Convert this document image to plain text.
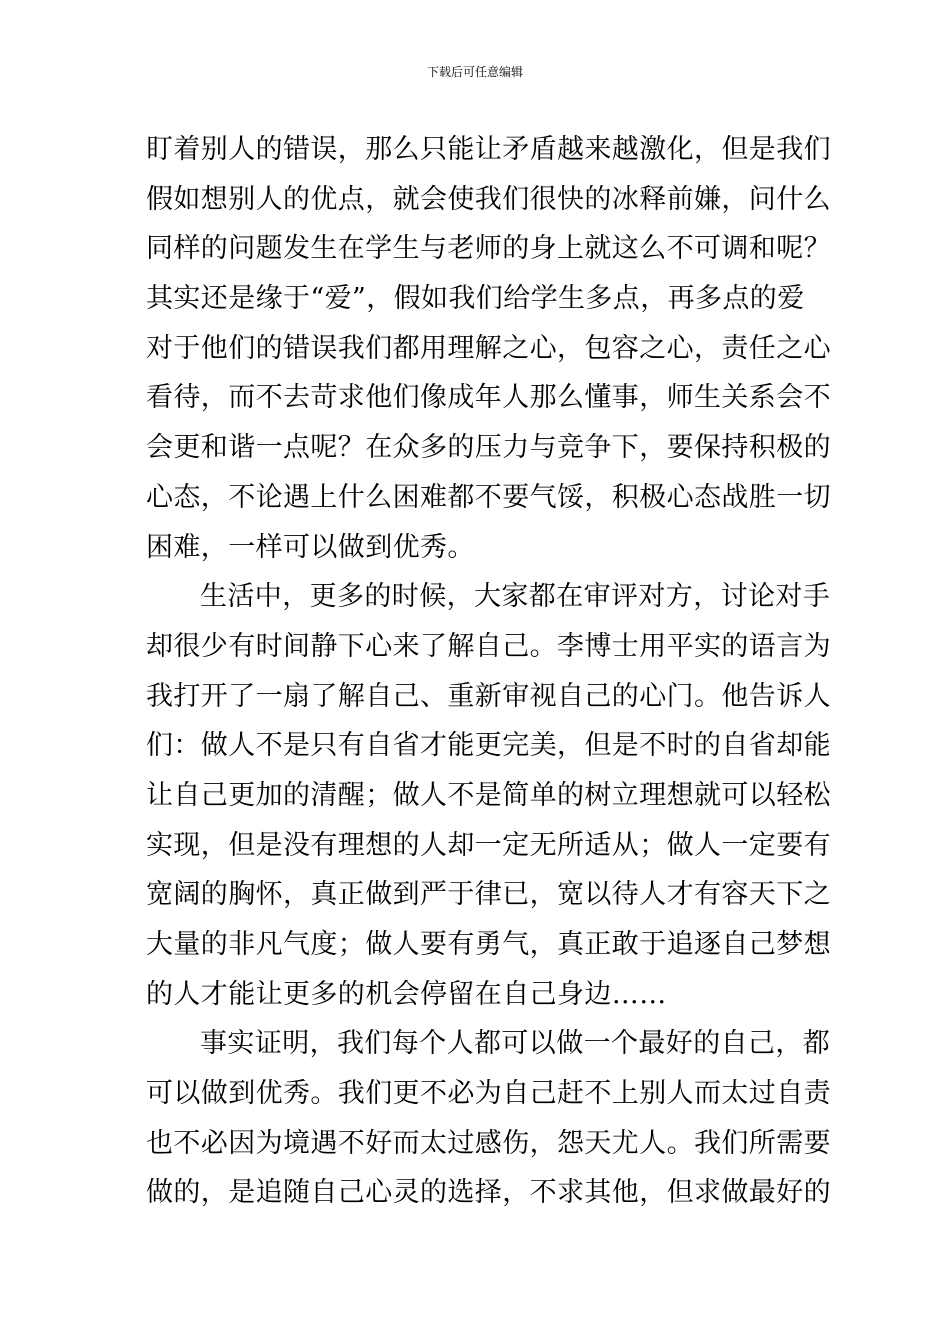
下载后可任意编辑
盯着别人的错误，那么只能让矛盾越来越激化，但是我们
假如想别人的优点，就会使我们很快的冰释前嫌，问什么
同样的问题发生在学生与老师的身上就这么不可调和呢？
其实还是缘于“爱”，假如我们给学生多点，再多点的爱
对于他们的错误我们都用理解之心，包容之心，责任之心
看待，而不去苛求他们像成年人那么懂事，师生关系会不
会更和谐一点呢？在众多的压力与竞争下，要保持积极的
心态，不论遇上什么困难都不要气馁，积极心态战胜一切
困难，一样可以做到优秀。
生活中，更多的时候，大家都在审评对方，讨论对手
却很少有时间静下心来了解自己。李博士用平实的语言为
我打开了一扇了解自己、重新审视自己的心门。他告诉人
们：做人不是只有自省才能更完美，但是不时的自省却能
让自己更加的清醒；做人不是简单的树立理想就可以轻松
实现，但是没有理想的人却一定无所适从；做人一定要有
宽阔的胸怀，真正做到严于律已，宽以待人才有容天下之
大量的非凡气度；做人要有勇气，真正敢于追逐自己梦想
的人才能让更多的机会停留在自己身边……
事实证明，我们每个人都可以做一个最好的自己，都
可以做到优秀。我们更不必为自己赶不上别人而太过自责
也不必因为境遇不好而太过感伤，怨天尤人。我们所需要
做的，是追随自己心灵的选择，不求其他，但求做最好的
